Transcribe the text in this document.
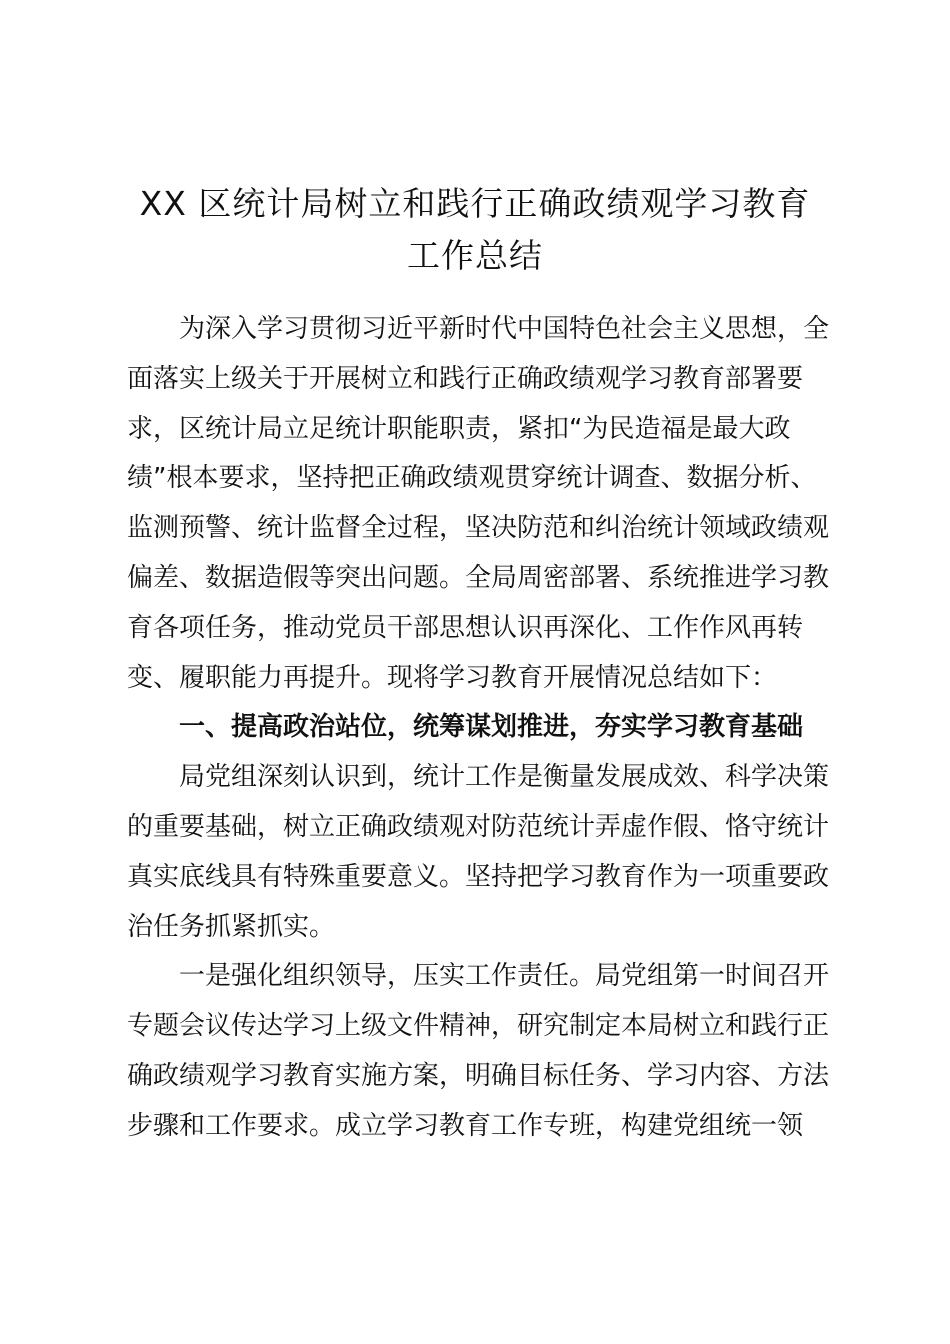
XX 区统计局树立和践行正确政绩观学习教育
工作总结
为深入学习贯彻习近平新时代中国特色社会主义思想，全
面落实上级关于开展树立和践行正确政绩观学习教育部署要
求，区统计局立足统计职能职责，紧扣“为民造福是最大政
绩”根本要求，坚持把正确政绩观贯穿统计调查、数据分析、
监测预警、统计监督全过程，坚决防范和纠治统计领域政绩观
偏差、数据造假等突出问题。全局周密部署、系统推进学习教
育各项任务，推动党员干部思想认识再深化、工作作风再转
变、履职能力再提升。现将学习教育开展情况总结如下：
一、提高政治站位，统筹谋划推进，夯实学习教育基础
局党组深刻认识到，统计工作是衡量发展成效、科学决策
的重要基础，树立正确政绩观对防范统计弄虚作假、恪守统计
真实底线具有特殊重要意义。坚持把学习教育作为一项重要政
治任务抓紧抓实。
一是强化组织领导，压实工作责任。局党组第一时间召开
专题会议传达学习上级文件精神，研究制定本局树立和践行正
确政绩观学习教育实施方案，明确目标任务、学习内容、方法
步骤和工作要求。成立学习教育工作专班，构建党组统一领
